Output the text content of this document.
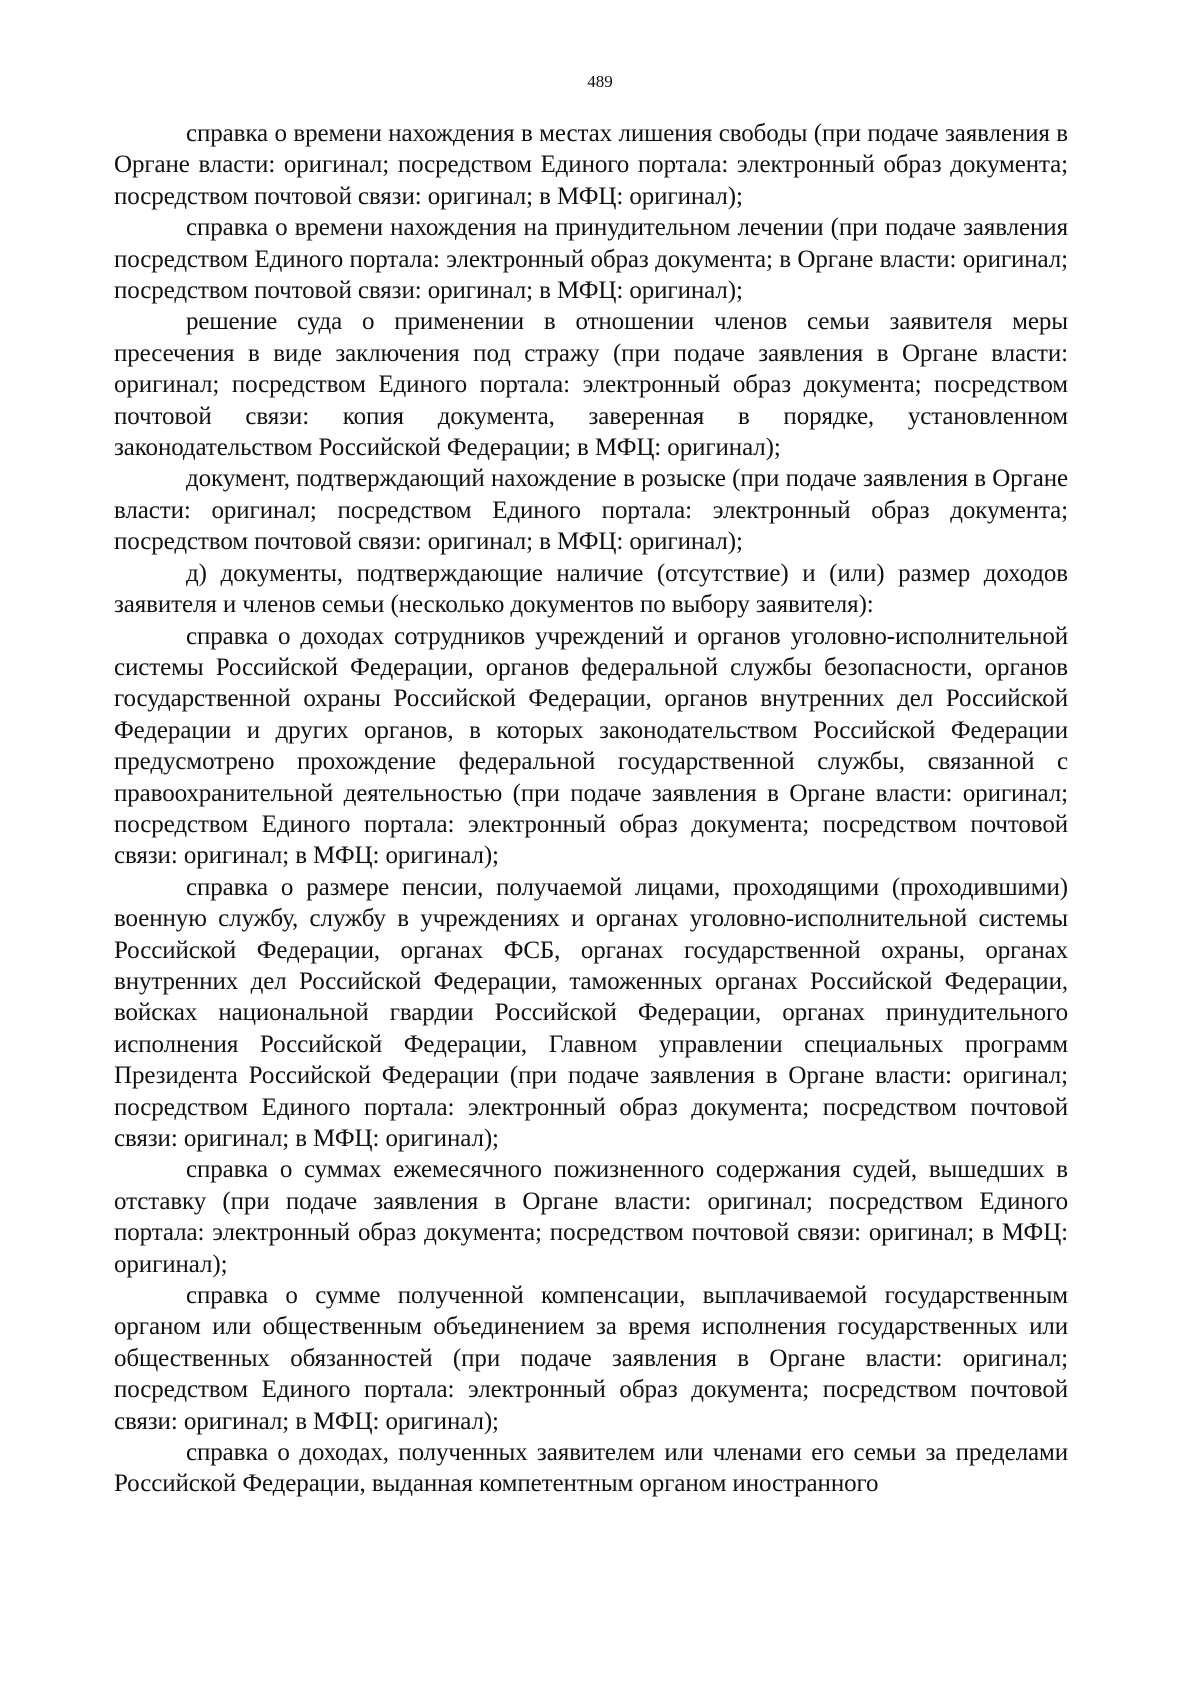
489

справка о времени нахождения в местах лишения свободы (при подаче заявления в Органе власти: оригинал; посредством Единого портала: электронный образ документа; посредством почтовой связи: оригинал; в МФЦ: оригинал);

справка о времени нахождения на принудительном лечении (при подаче заявления посредством Единого портала: электронный образ документа; в Органе власти: оригинал; посредством почтовой связи: оригинал; в МФЦ: оригинал);

решение суда о применении в отношении членов семьи заявителя меры пресечения в виде заключения под стражу (при подаче заявления в Органе власти: оригинал; посредством Единого портала: электронный образ документа; посредством почтовой связи: копия документа, заверенная в порядке, установленном законодательством Российской Федерации; в МФЦ: оригинал);

документ, подтверждающий нахождение в розыске (при подаче заявления в Органе власти: оригинал; посредством Единого портала: электронный образ документа; посредством почтовой связи: оригинал; в МФЦ: оригинал);

д) документы, подтверждающие наличие (отсутствие) и (или) размер доходов заявителя и членов семьи (несколько документов по выбору заявителя):

справка о доходах сотрудников учреждений и органов уголовно-исполнительной системы Российской Федерации, органов федеральной службы безопасности, органов государственной охраны Российской Федерации, органов внутренних дел Российской Федерации и других органов, в которых законодательством Российской Федерации предусмотрено прохождение федеральной государственной службы, связанной с правоохранительной деятельностью (при подаче заявления в Органе власти: оригинал; посредством Единого портала: электронный образ документа; посредством почтовой связи: оригинал; в МФЦ: оригинал);

справка о размере пенсии, получаемой лицами, проходящими (проходившими) военную службу, службу в учреждениях и органах уголовно-исполнительной системы Российской Федерации, органах ФСБ, органах государственной охраны, органах внутренних дел Российской Федерации, таможенных органах Российской Федерации, войсках национальной гвардии Российской Федерации, органах принудительного исполнения Российской Федерации, Главном управлении специальных программ Президента Российской Федерации (при подаче заявления в Органе власти: оригинал; посредством Единого портала: электронный образ документа; посредством почтовой связи: оригинал; в МФЦ: оригинал);

справка о суммах ежемесячного пожизненного содержания судей, вышедших в отставку (при подаче заявления в Органе власти: оригинал; посредством Единого портала: электронный образ документа; посредством почтовой связи: оригинал; в МФЦ: оригинал);

справка о сумме полученной компенсации, выплачиваемой государственным органом или общественным объединением за время исполнения государственных или общественных обязанностей (при подаче заявления в Органе власти: оригинал; посредством Единого портала: электронный образ документа; посредством почтовой связи: оригинал; в МФЦ: оригинал);

справка о доходах, полученных заявителем или членами его семьи за пределами Российской Федерации, выданная компетентным органом иностранного
